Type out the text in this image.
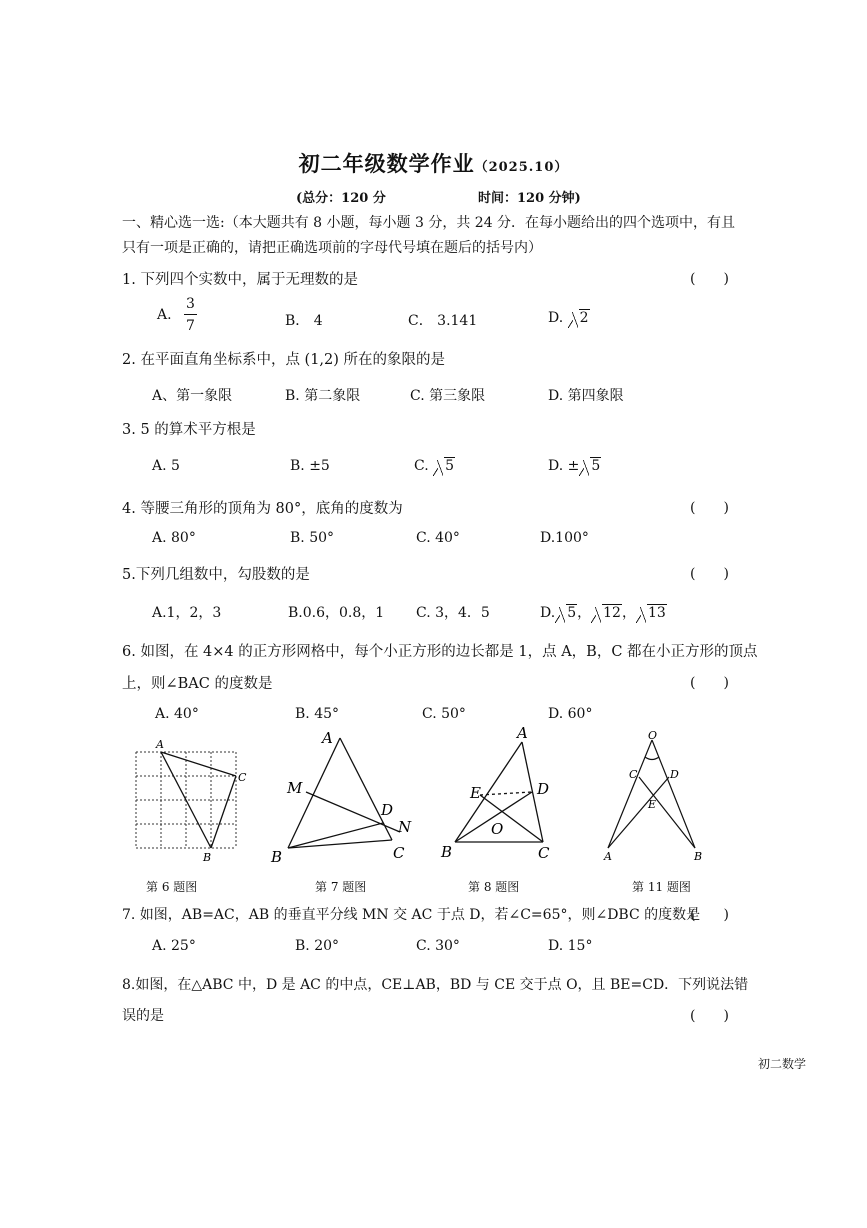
初二年级数学作业（2025.10）
(总分：120 分	时间：120 分钟)
一、精心选一选:（本大题共有 8 小题，每小题 3 分，共 24 分．在每小题给出的四个选项中，有且
只有一项是正确的，请把正确选项前的字母代号填在题后的括号内）
1. 下列四个实数中，属于无理数的是	(　　)
A. $\frac{3}{7}$	B． 4	C． 3.141	D. 2
2. 在平面直角坐标系中，点 (1,2) 所在的象限的是
A、第一象限	B. 第二象限	C. 第三象限	D. 第四象限
3. 5 的算术平方根是
A. 5	B. ±5	C. 5	D. ± 5
4. 等腰三角形的顶角为 80°，底角的度数为	(　　)
A. 80°	B. 50°	C. 40°	D.100°
5.下列几组数中，勾股数的是	(　　)
A.1，2，3	B.0.6，0.8，1 C. 3，4．5	D. 5， 12， 13
6. 如图，在 4×4 的正方形网格中，每个小正方形的边长都是 1，点 A，B，C 都在小正方形的顶点
上，则∠BAC 的度数是	(　　)
A. 40°	B. 45°	C. 50°	D. 60°
A
C
B
A
M
D
N
B	C
A
E	D
O
B	C
O
C	D
E
A	B
第 6 题图	第 7 题图	第 8 题图	第 11 题图
7. 如图，AB=AC，AB 的垂直平分线 MN 交 AC 于点 D，若∠C=65°，则∠DBC 的度数是
(　　)
A. 25°	B. 20°	C. 30°	D. 15°
8.如图，在△ABC 中，D 是 AC 的中点，CE⊥AB，BD 与 CE 交于点 O，且 BE=CD．下列说法错
误的是	(　　)
初二数学
